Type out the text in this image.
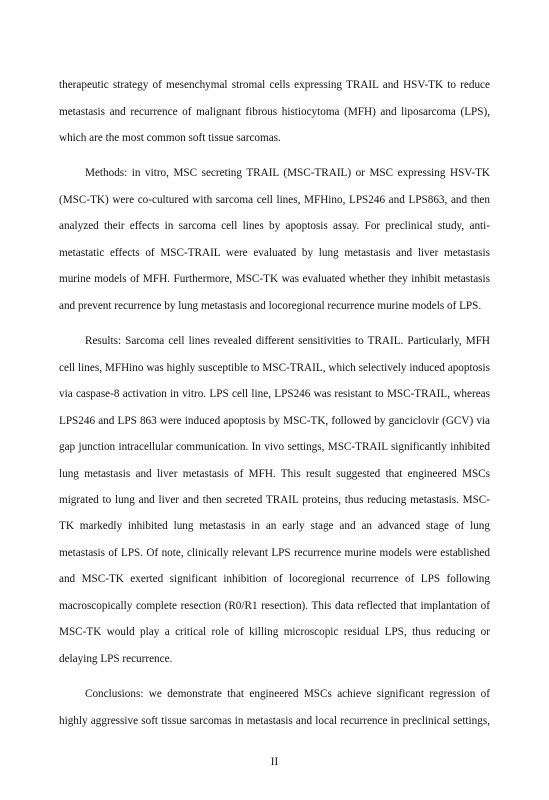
therapeutic strategy of mesenchymal stromal cells expressing TRAIL and HSV-TK to reduce
metastasis and recurrence of malignant fibrous histiocytoma (MFH) and liposarcoma (LPS),
which are the most common soft tissue sarcomas.
Methods: in vitro, MSC secreting TRAIL (MSC-TRAIL) or MSC expressing HSV-TK
(MSC-TK) were co-cultured with sarcoma cell lines, MFHino, LPS246 and LPS863, and then
analyzed their effects in sarcoma cell lines by apoptosis assay. For preclinical study, anti-
metastatic effects of MSC-TRAIL were evaluated by lung metastasis and liver metastasis
murine models of MFH. Furthermore, MSC-TK was evaluated whether they inhibit metastasis
and prevent recurrence by lung metastasis and locoregional recurrence murine models of LPS.
Results: Sarcoma cell lines revealed different sensitivities to TRAIL. Particularly, MFH
cell lines, MFHino was highly susceptible to MSC-TRAIL, which selectively induced apoptosis
via caspase-8 activation in vitro. LPS cell line, LPS246 was resistant to MSC-TRAIL, whereas
LPS246 and LPS 863 were induced apoptosis by MSC-TK, followed by ganciclovir (GCV) via
gap junction intracellular communication. In vivo settings, MSC-TRAIL significantly inhibited
lung metastasis and liver metastasis of MFH. This result suggested that engineered MSCs
migrated to lung and liver and then secreted TRAIL proteins, thus reducing metastasis. MSC-
TK markedly inhibited lung metastasis in an early stage and an advanced stage of lung
metastasis of LPS. Of note, clinically relevant LPS recurrence murine models were established
and MSC-TK exerted significant inhibition of locoregional recurrence of LPS following
macroscopically complete resection (R0/R1 resection). This data reflected that implantation of
MSC-TK would play a critical role of killing microscopic residual LPS, thus reducing or
delaying LPS recurrence.
Conclusions: we demonstrate that engineered MSCs achieve significant regression of
highly aggressive soft tissue sarcomas in metastasis and local recurrence in preclinical settings,
II
